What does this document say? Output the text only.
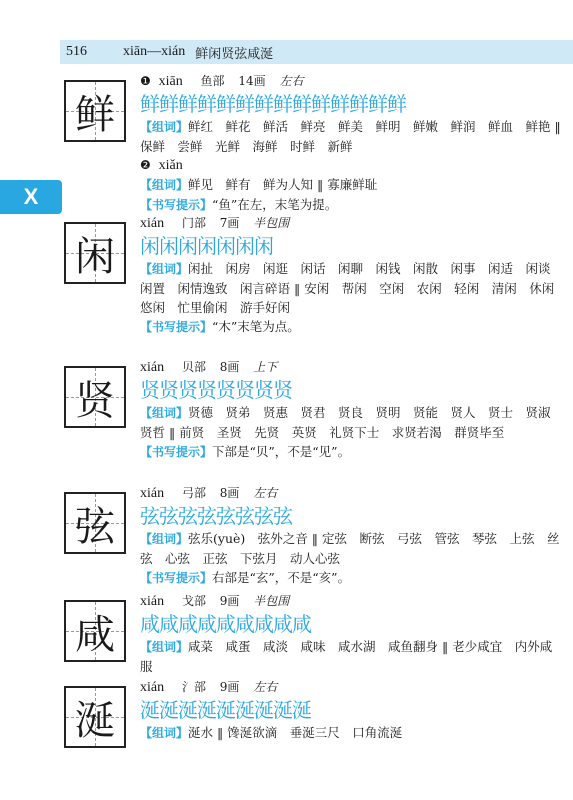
516	xiān—xián 鲜闲贤弦咸涎
X
鲜
❶ xiān 鱼部 14画 左右
鲜鲜鲜鲜鲜鲜鲜鲜鲜鲜鲜鲜鲜鲜
【组词】鲜红　鲜花　鲜活　鲜亮　鲜美　鲜明　鲜嫩　鲜润　鲜血　鲜艳 ‖ 保鲜　尝鲜　光鲜　海鲜　时鲜　新鲜
❷ xiǎn
【组词】鲜见　鲜有　鲜为人知 ‖ 寡廉鲜耻
【书写提示】“鱼”在左，末笔为提。
闲
xián 门部 7画 半包围
闲闲闲闲闲闲闲
【组词】闲扯　闲房　闲逛　闲话　闲聊　闲钱　闲散　闲事　闲适　闲谈　闲置　闲情逸致　闲言碎语 ‖ 安闲　帮闲　空闲　农闲　轻闲　清闲　休闲　悠闲　忙里偷闲　游手好闲
【书写提示】“木”末笔为点。
贤
xián 贝部 8画 上下
贤贤贤贤贤贤贤贤
【组词】贤德　贤弟　贤惠　贤君　贤良　贤明　贤能　贤人　贤士　贤淑　贤哲 ‖ 前贤　圣贤　先贤　英贤　礼贤下士　求贤若渴　群贤毕至
【书写提示】下部是“贝”，不是“见”。
弦
xián 弓部 8画 左右
弦弦弦弦弦弦弦弦
【组词】弦乐(yuè)　弦外之音 ‖ 定弦　断弦　弓弦　管弦　琴弦　上弦　丝弦　心弦　正弦　下弦月　动人心弦
【书写提示】右部是“玄”，不是“亥”。
咸
xián 戈部 9画 半包围
咸咸咸咸咸咸咸咸咸
【组词】咸菜　咸蛋　咸淡　咸味　咸水湖　咸鱼翻身 ‖ 老少咸宜　内外咸服
涎
xián 氵部 9画 左右
涎涎涎涎涎涎涎涎涎
【组词】涎水 ‖ 馋涎欲滴　垂涎三尺　口角流涎
